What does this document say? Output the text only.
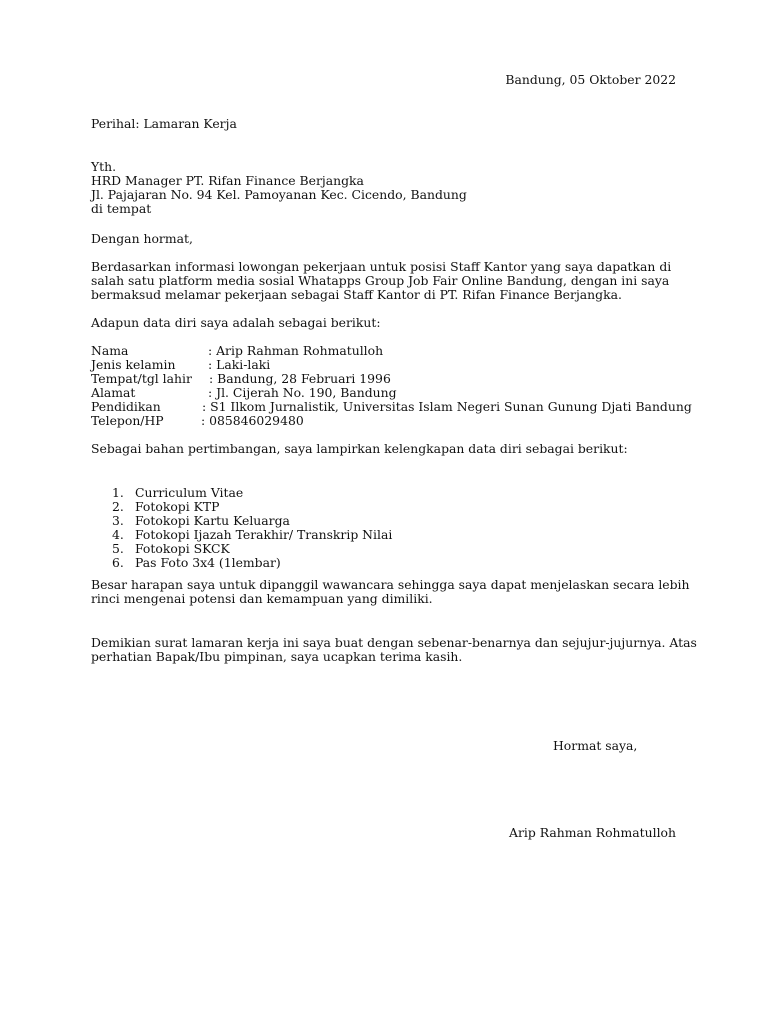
Bandung, 05 Oktober 2022
Perihal: Lamaran Kerja
Yth.
HRD Manager PT. Rifan Finance Berjangka
Jl. Pajajaran No. 94 Kel. Pamoyanan Kec. Cicendo, Bandung
di tempat
Dengan hormat,
Berdasarkan informasi lowongan pekerjaan untuk posisi Staff Kantor yang saya dapatkan di
salah satu platform media sosial Whatapps Group Job Fair Online Bandung, dengan ini saya
bermaksud melamar pekerjaan sebagai Staff Kantor di PT. Rifan Finance Berjangka.
Adapun data diri saya adalah sebagai berikut:
Nama	: Arip Rahman Rohmatulloh
Jenis kelamin	: Laki-laki
Tempat/tgl lahir : Bandung, 28 Februari 1996
Alamat	: Jl. Cijerah No. 190, Bandung
Pendidikan	: S1 Ilkom Jurnalistik, Universitas Islam Negeri Sunan Gunung Djati Bandung
Telepon/HP	: 085846029480
Sebagai bahan pertimbangan, saya lampirkan kelengkapan data diri sebagai berikut:
1. Curriculum Vitae
2. Fotokopi KTP
3. Fotokopi Kartu Keluarga
4. Fotokopi Ijazah Terakhir/ Transkrip Nilai
5. Fotokopi SKCK
6. Pas Foto 3x4 (1lembar)
Besar harapan saya untuk dipanggil wawancara sehingga saya dapat menjelaskan secara lebih
rinci mengenai potensi dan kemampuan yang dimiliki.
Demikian surat lamaran kerja ini saya buat dengan sebenar-benarnya dan sejujur-jujurnya. Atas
perhatian Bapak/Ibu pimpinan, saya ucapkan terima kasih.
Hormat saya,
Arip Rahman Rohmatulloh
